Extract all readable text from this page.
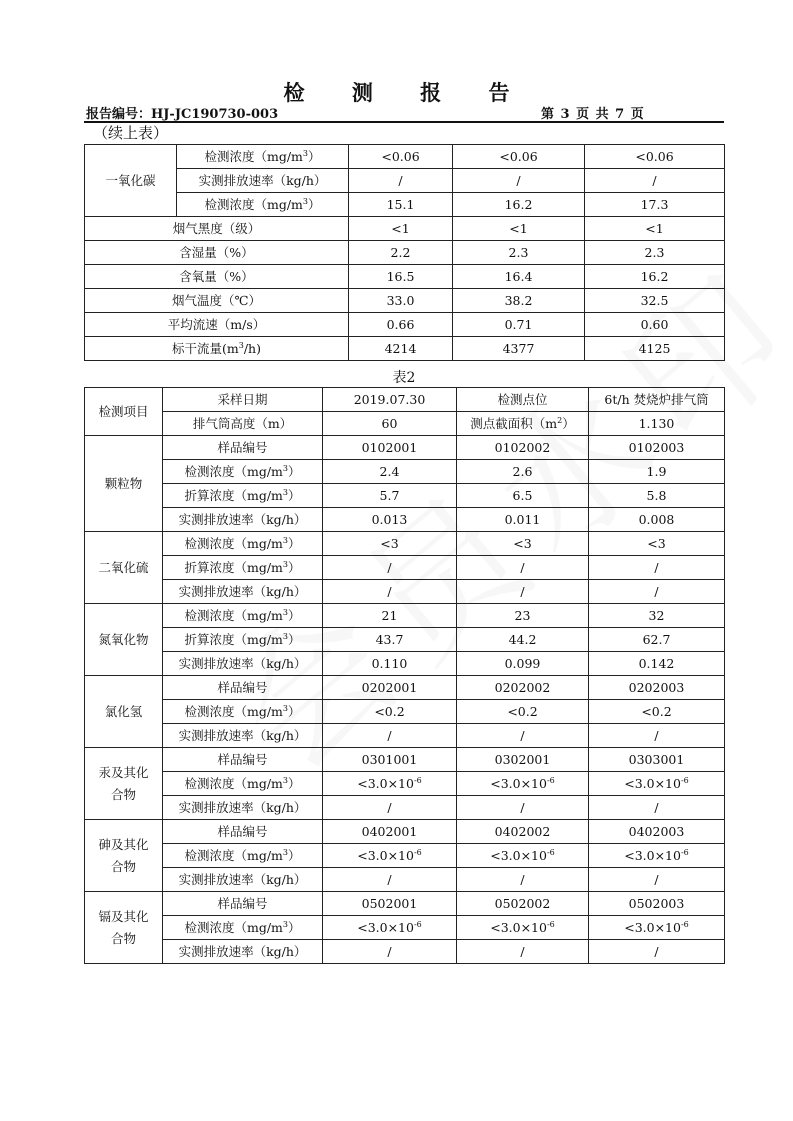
检 测 报 告
报告编号：HJ-JC190730-003	第 3 页 共 7 页
（续上表）
一氧化碳	检测浓度$(mg/m^3)$	<0.06	<0.06	<0.06
	实测排放速率（kg/h）	/	/	/
	检测浓度$(mg/m^3)$	15.1	16.2	17.3
烟气黑度（级）		<1	<1	<1
含湿量（%）		2.2	2.3	2.3
含氧量（%）		16.5	16.4	16.2
烟气温度（℃）		33.0	38.2	32.5
平均流速（m/s）		0.66	0.71	0.60
标干流量$(m^3/h)$		4214	4377	4125
表2
检测项目	采样日期	2019.07.30	检测点位	6t/h 焚烧炉排气筒
	排气筒高度（m）	60	测点截面积$(m^2)$	1.130
颗粒物	样品编号	0102001	0102002	0102003
	检测浓度$(mg/m^3)$	2.4	2.6	1.9
	折算浓度$(mg/m^3)$	5.7	6.5	5.8
	实测排放速率（kg/h）	0.013	0.011	0.008
二氧化硫	检测浓度$(mg/m^3)$	<3	<3	<3
	折算浓度$(mg/m^3)$	/	/	/
	实测排放速率（kg/h）	/	/	/
氮氧化物	检测浓度$(mg/m^3)$	21	23	32
	折算浓度$(mg/m^3)$	43.7	44.2	62.7
	实测排放速率（kg/h）	0.110	0.099	0.142
氯化氢	样品编号	0202001	0202002	0202003
	检测浓度$(mg/m^3)$	<0.2	<0.2	<0.2
	实测排放速率（kg/h）	/	/	/
汞及其化合物	样品编号	0301001	0302001	0303001
	检测浓度$(mg/m^3)$	$<3.0\times 10^{-6}$	$<3.0\times 10^{-6}$	$<3.0\times 10^{-6}$
	实测排放速率（kg/h）	/	/	/
砷及其化合物	样品编号	0402001	0402002	0402003
	检测浓度$(mg/m^3)$	$<3.0\times 10^{-6}$	$<3.0\times 10^{-6}$	$<3.0\times 10^{-6}$
	实测排放速率（kg/h）	/	/	/
镉及其化合物	样品编号	0502001	0502002	0502003
	检测浓度$(mg/m^3)$	$<3.0\times 10^{-6}$	$<3.0\times 10^{-6}$	$<3.0\times 10^{-6}$
	实测排放速率（kg/h）	/	/	/
